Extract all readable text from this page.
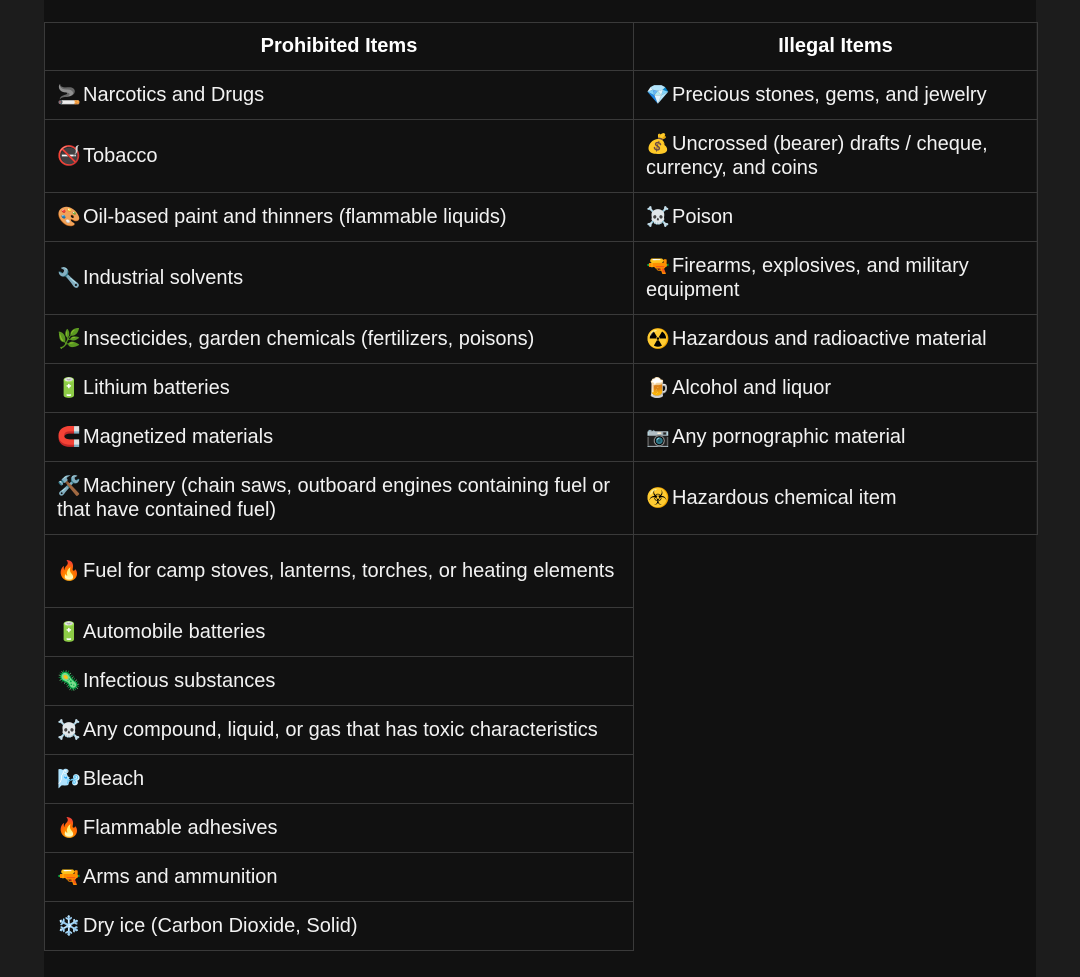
Prohibited Items	Illegal Items
🚬 Narcotics and Drugs	💎 Precious stones, gems, and jewelry
🚭 Tobacco	💰 Uncrossed (bearer) drafts / cheque, currency, and coins
🎨 Oil-based paint and thinners (flammable liquids)	☠️ Poison
🔧 Industrial solvents	🔫 Firearms, explosives, and military equipment
🌿 Insecticides, garden chemicals (fertilizers, poisons)	☢️ Hazardous and radioactive material
🔋 Lithium batteries	🍺 Alcohol and liquor
🧲 Magnetized materials	📷 Any pornographic material
🛠️ Machinery (chain saws, outboard engines containing fuel or that have contained fuel)	☣️ Hazardous chemical item
🔥 Fuel for camp stoves, lanterns, torches, or heating elements	
🔋 Automobile batteries	
🦠 Infectious substances	
☠️ Any compound, liquid, or gas that has toxic characteristics	
🌬️ Bleach	
🔥 Flammable adhesives	
🔫 Arms and ammunition	
❄️ Dry ice (Carbon Dioxide, Solid)	
